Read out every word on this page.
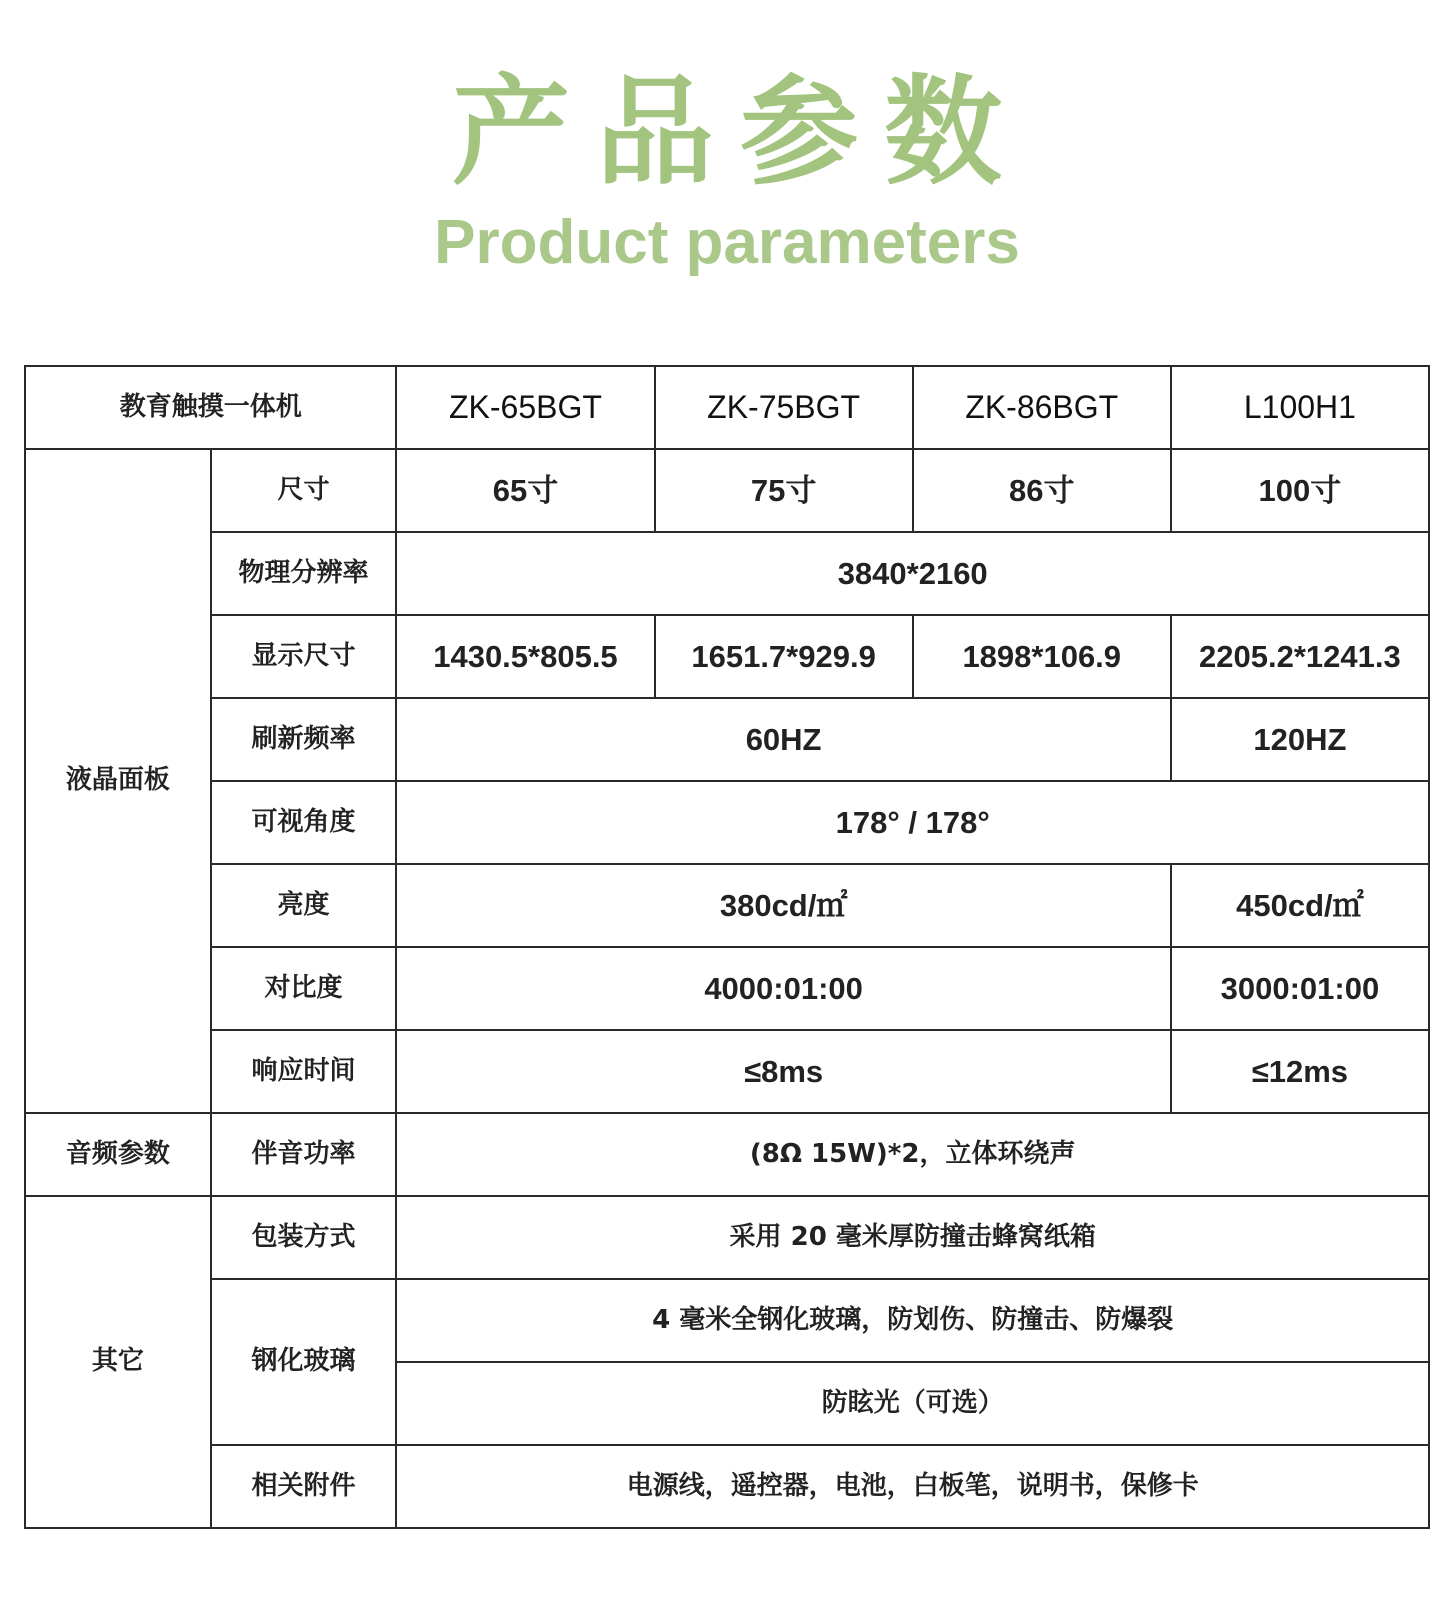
产品参数
Product parameters
教育触摸一体机		ZK-65BGT	ZK-75BGT	ZK-86BGT	L100H1
液晶面板	尺寸	65寸	75寸	86寸	100寸
	物理分辨率	3840*2160			
	显示尺寸	1430.5*805.5	1651.7*929.9	1898*106.9	2205.2*1241.3
	刷新频率	60HZ			120HZ
	可视角度	178° / 178°			
	亮度	380cd/㎡			450cd/㎡
	对比度	4000:01:00			3000:01:00
	响应时间	≤8ms			≤12ms
音频参数	伴音功率	(8Ω 15W)*2，立体环绕声			
其它	包装方式	采用 20 毫米厚防撞击蜂窝纸箱			
	钢化玻璃	4 毫米全钢化玻璃，防划伤、防撞击、防爆裂			
		防眩光（可选）			
	相关附件	电源线，遥控器，电池，白板笔，说明书，保修卡			
